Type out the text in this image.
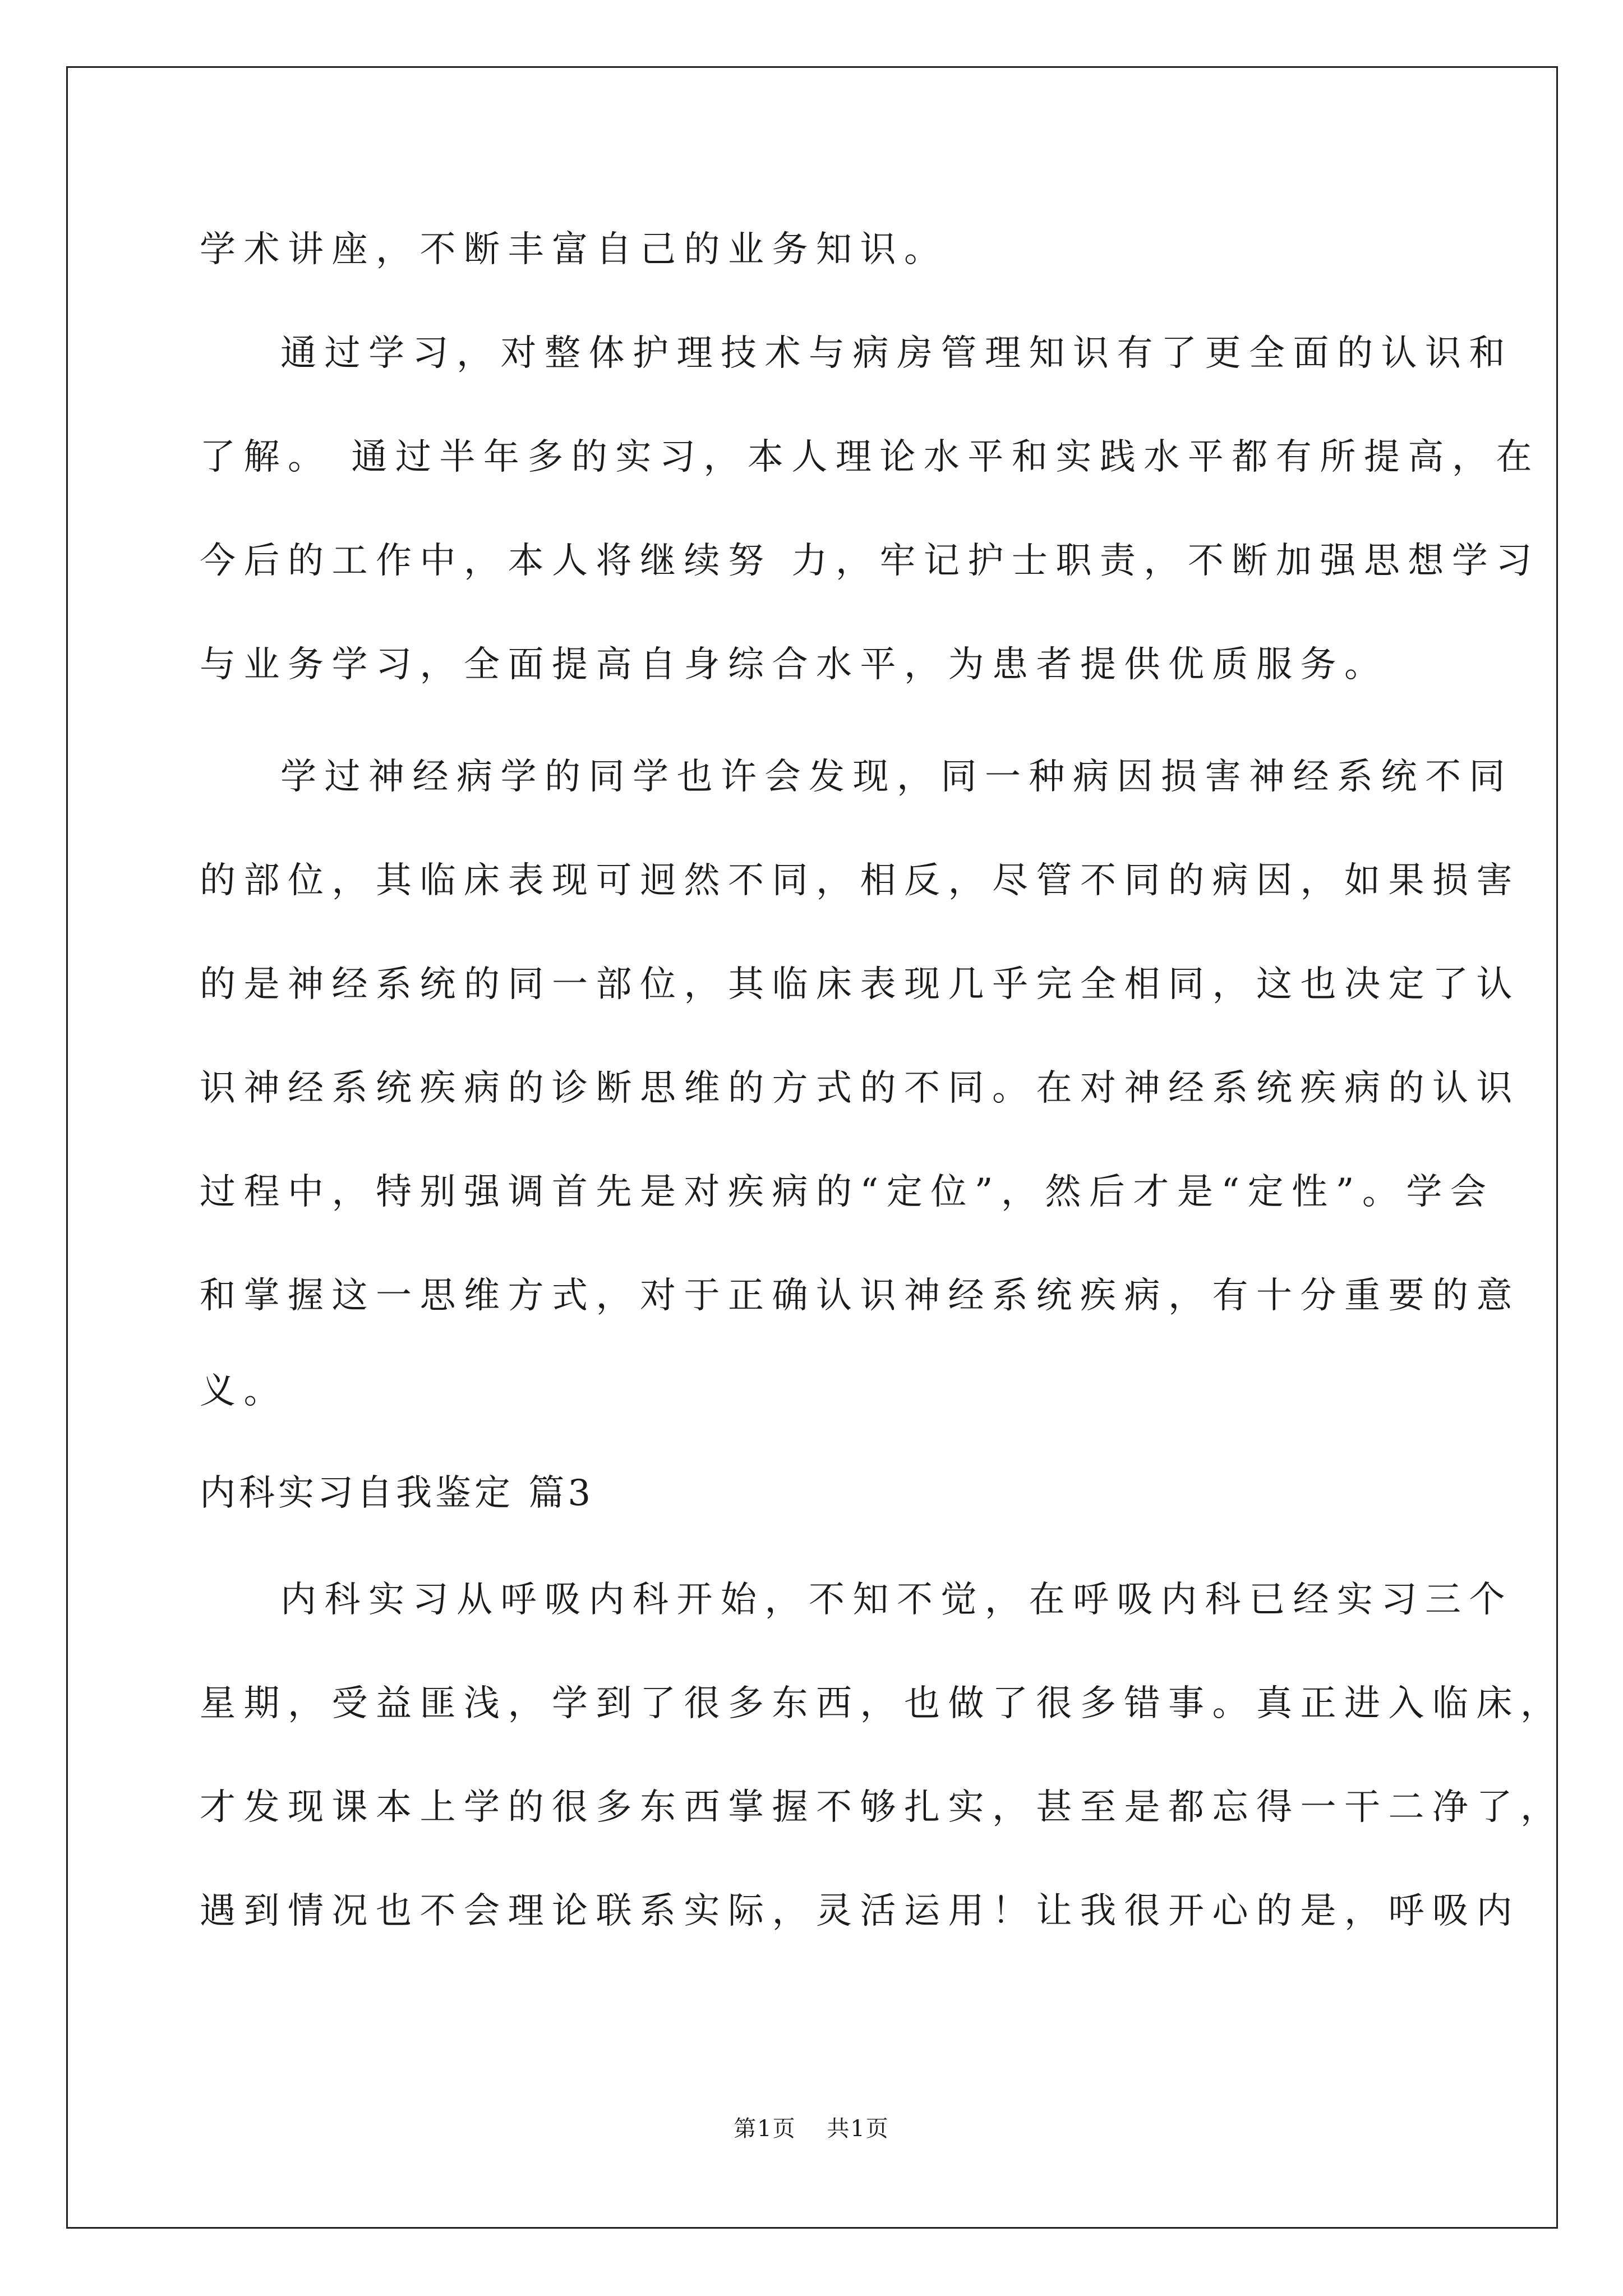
学术讲座，不断丰富自己的业务知识。
通过学习，对整体护理技术与病房管理知识有了更全面的认识和
了解。 通过半年多的实习，本人理论水平和实践水平都有所提高，在
今后的工作中，本人将继续努 力，牢记护士职责，不断加强思想学习
与业务学习，全面提高自身综合水平，为患者提供优质服务。
学过神经病学的同学也许会发现，同一种病因损害神经系统不同
的部位，其临床表现可迥然不同，相反，尽管不同的病因，如果损害
的是神经系统的同一部位，其临床表现几乎完全相同，这也决定了认
识神经系统疾病的诊断思维的方式的不同。在对神经系统疾病的认识
过程中，特别强调首先是对疾病的“定位”，然后才是“定性”。学会
和掌握这一思维方式，对于正确认识神经系统疾病，有十分重要的意
义。
内科实习自我鉴定 篇3
内科实习从呼吸内科开始，不知不觉，在呼吸内科已经实习三个
星期，受益匪浅，学到了很多东西，也做了很多错事。真正进入临床，
才发现课本上学的很多东西掌握不够扎实，甚至是都忘得一干二净了，
遇到情况也不会理论联系实际，灵活运用！让我很开心的是，呼吸内
第1页 共1页
